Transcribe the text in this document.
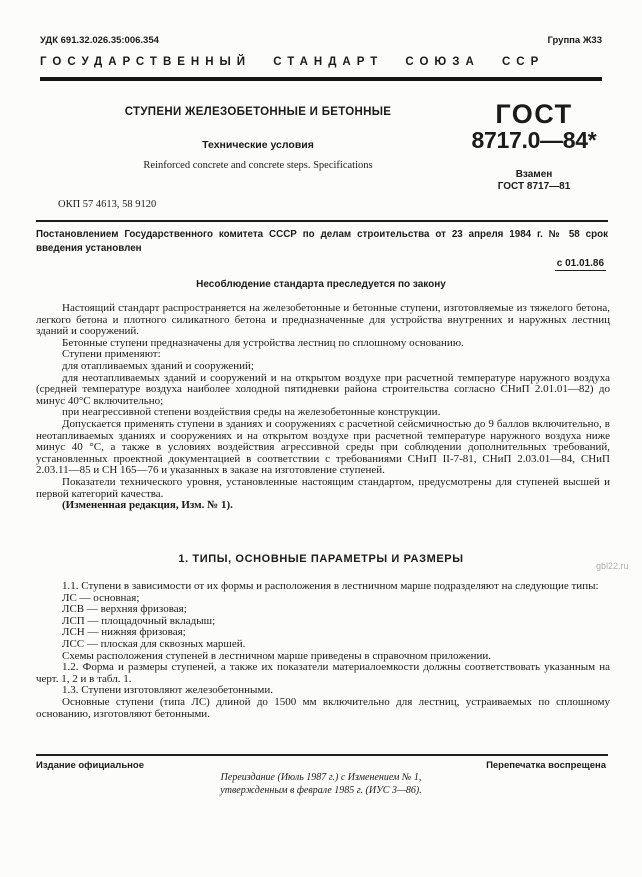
УДК 691.32.026.35:006.354	Группа Ж33
ГОСУДАРСТВЕННЫЙ СТАНДАРТ СОЮЗА ССР
СТУПЕНИ ЖЕЛЕЗОБЕТОННЫЕ И БЕТОННЫЕ
Технические условия
Reinforced concrete and concrete steps. Specifications
ГОСТ
8717.0—84*
Взамен
ГОСТ 8717—81
ОКП 57 4613, 58 9120
Постановлением Государственного комитета СССР по делам строительства от 23 апреля 1984 г. № 58 срок введения установлен
с 01.01.86
Несоблюдение стандарта преследуется по закону

Настоящий стандарт распространяется на железобетонные и бетонные ступени, изготовляемые из тяжелого бетона, легкого бетона и плотного силикатного бетона и предназначенные для устройства внутренних и наружных лестниц зданий и сооружений.

Бетонные ступени предназначены для устройства лестниц по сплошному основанию.

Ступени применяют:

для отапливаемых зданий и сооружений;

для неотапливаемых зданий и сооружений и на открытом воздухе при расчетной температуре наружного воздуха (средней температуре воздуха наиболее холодной пятидневки района строительства согласно СНиП 2.01.01—82) до минус 40°С включительно;

при неагрессивной степени воздействия среды на железобетонные конструкции.

Допускается применять ступени в зданиях и сооружениях с расчетной сейсмичностью до 9 баллов включительно, в неотапливаемых зданиях и сооружениях и на открытом воздухе при расчетной температуре наружного воздуха ниже минус 40 °С, а также в условиях воздействия агрессивной среды при соблюдении дополнительных требований, установленных проектной документацией в соответствии с требованиями СНиП II-7-81, СНиП 2.03.01—84, СНиП 2.03.11—85 и СН 165—76 и указанных в заказе на изготовление ступеней.

Показатели технического уровня, установленные настоящим стандартом, предусмотрены для ступеней высшей и первой категорий качества.

(Измененная редакция, Изм. № 1).

1. ТИПЫ, ОСНОВНЫЕ ПАРАМЕТРЫ И РАЗМЕРЫ

1.1. Ступени в зависимости от их формы и расположения в лестничном марше подразделяют на следующие типы:

ЛС — основная;

ЛСВ — верхняя фризовая;

ЛСП — площадочный вкладыш;

ЛСН — нижняя фризовая;

ЛСС — плоская для сквозных маршей.

Схемы расположения ступеней в лестничном марше приведены в справочном приложении.

1.2. Форма и размеры ступеней, а также их показатели материалоемкости должны соответствовать указанным на черт. 1, 2 и в табл. 1.

1.3. Ступени изготовляют железобетонными.

Основные ступени (типа ЛС) длиной до 1500 мм включительно для лестниц, устраиваемых по сплошному основанию, изготовляют бетонными.

Издание официальное	Перепечатка воспрещена
Переиздание (Июль 1987 г.) с Изменением № 1,
утвержденным в феврале 1985 г. (ИУС 3—86).
gbl22.ru
